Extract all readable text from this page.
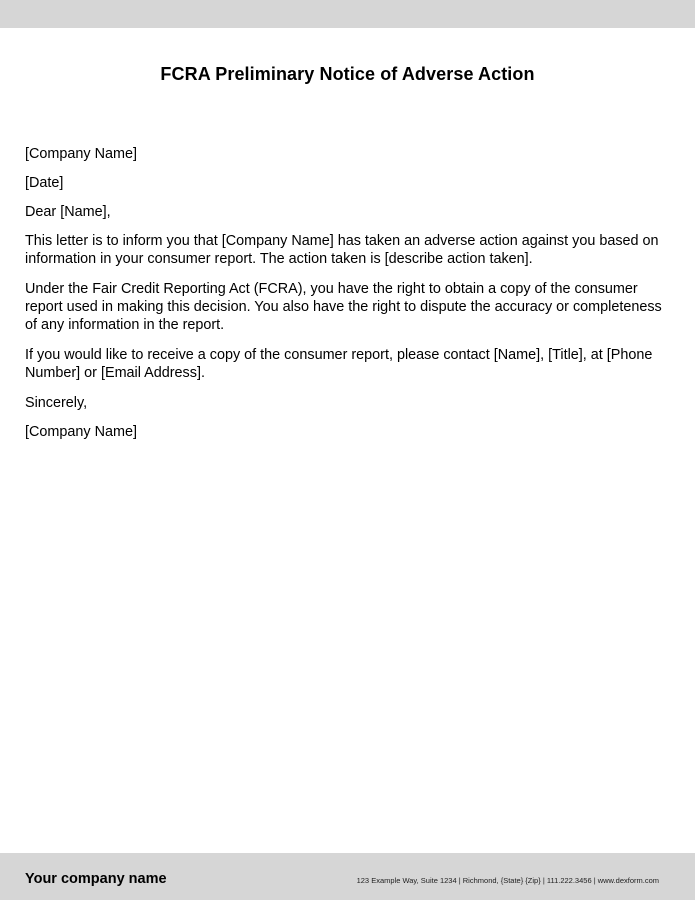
FCRA Preliminary Notice of Adverse Action

[Company Name]

[Date]

Dear [Name],

This letter is to inform you that [Company Name] has taken an adverse action against you based on information in your consumer report. The action taken is [describe action taken].

Under the Fair Credit Reporting Act (FCRA), you have the right to obtain a copy of the consumer report used in making this decision. You also have the right to dispute the accuracy or completeness of any information in the report.

If you would like to receive a copy of the consumer report, please contact [Name], [Title], at [Phone Number] or [Email Address].

Sincerely,

[Company Name]

Your company name	123 Example Way, Suite 1234 | Richmond, {State} {Zip} | 111.222.3456 | www.dexform.com
